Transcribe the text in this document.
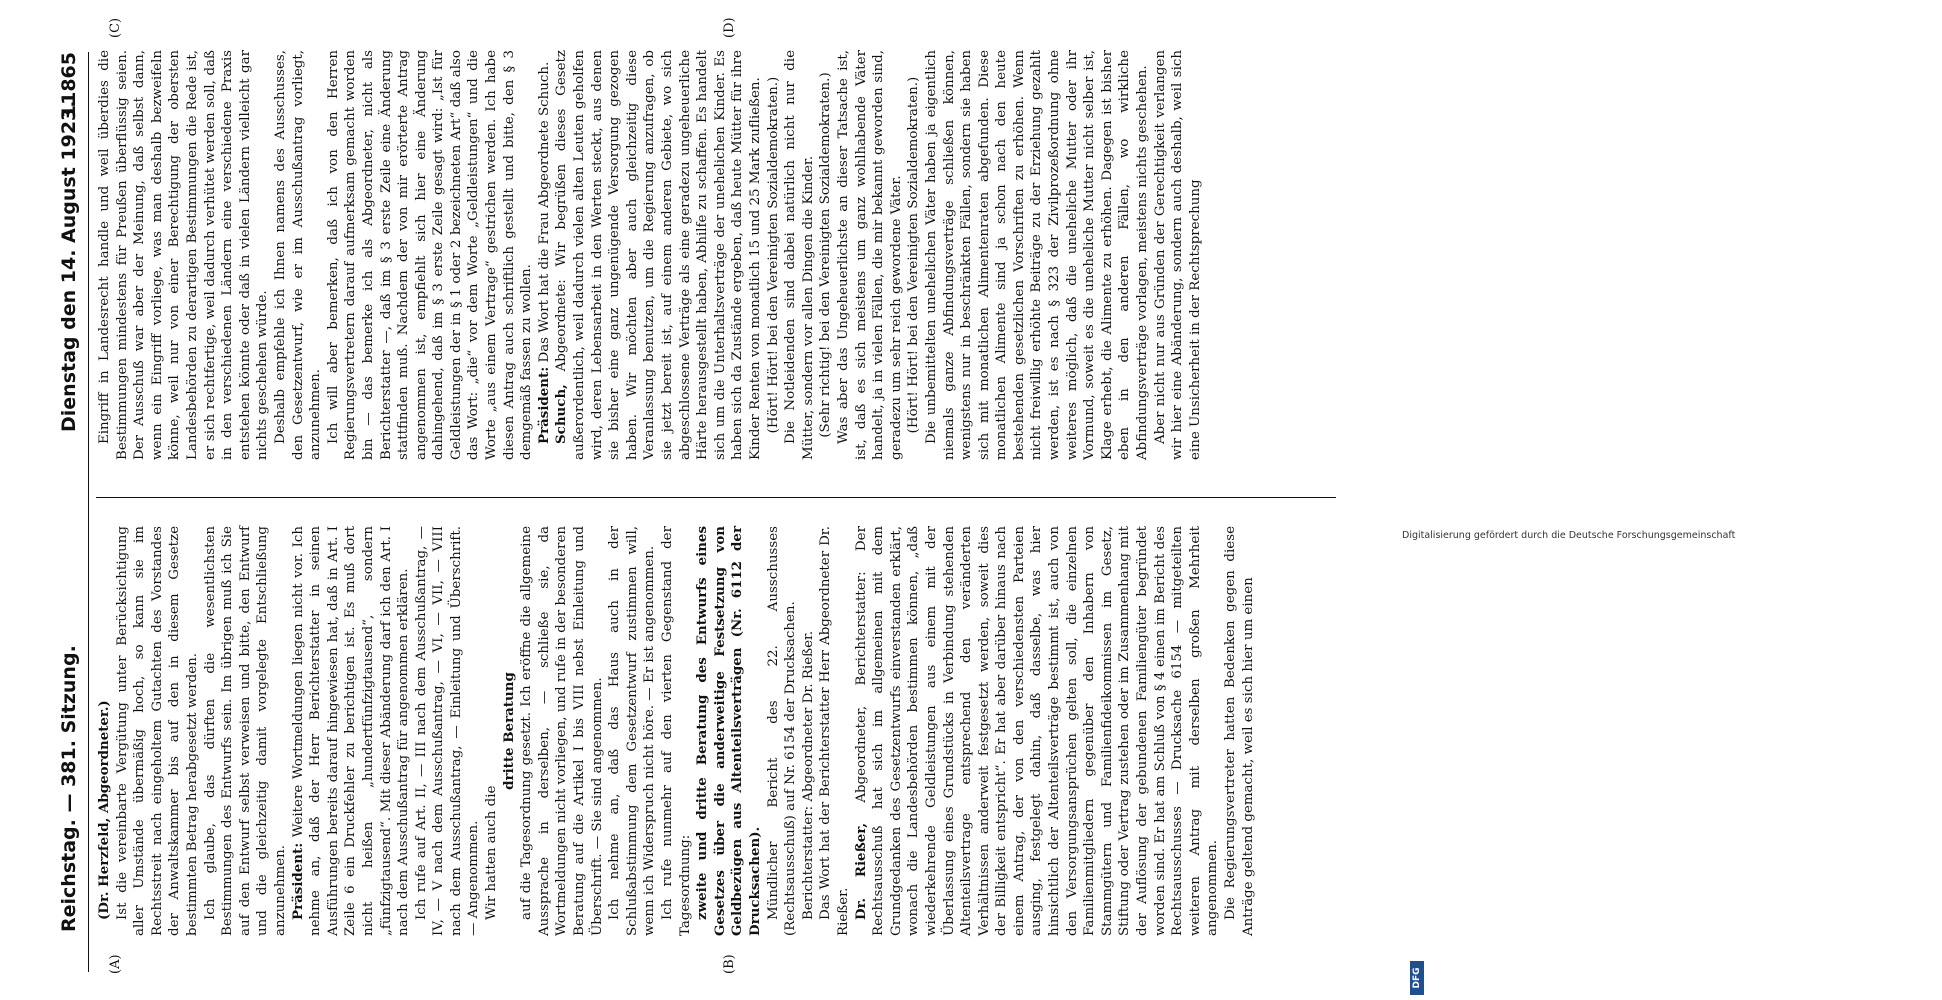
Reichstag. — 381. Sitzung.
Dienstag den 14. August 1923.
11865
(A)	(B)
(C)	(D)

(Dr. Herzfeld, Abgeordneter.) Ist die vereinbarte Vergütung unter Berücksichtigung aller Umstände übermäßig hoch, so kann sie im Rechtsstreit nach eingeholtem Gutachten des Vorstandes der Anwaltskammer bis auf den in diesem Gesetze bestimmten Betrag herabgesetzt werden. Ich glaube, das dürften die wesentlichsten Bestimmungen des Entwurfs sein. Im übrigen muß ich Sie auf den Entwurf selbst verweisen und bitte, den Entwurf und die gleichzeitig damit vorgelegte Entschließung anzunehmen. Präsident: Weitere Wortmeldungen liegen nicht vor. Ich nehme an, daß der Herr Berichterstatter in seinen Ausführungen bereits darauf hingewiesen hat, daß in Art. I Zeile 6 ein Druckfehler zu berichtigen ist. Es muß dort nicht heißen „hundertfünfzigtausend“, sondern „fünfzigtausend“. Mit dieser Abänderung darf ich den Art. I nach dem Ausschußantrag für angenommen erklären. Ich rufe auf Art. II, — III nach dem Ausschußantrag, — IV, — V nach dem Ausschußantrag, — VI, — VII, — VIII nach dem Ausschußantrag, — Einleitung und Überschrift. — Angenommen. Wir hatten auch die

dritte Beratung auf die Tagesordnung gesetzt. Ich eröffne die allgemeine Aussprache in derselben, — schließe sie, da Wortmeldungen nicht vorliegen, und rufe in der besonderen Beratung auf die Artikel I bis VIII nebst Einleitung und Überschrift. — Sie sind angenommen. Ich nehme an, daß das Haus auch in der Schlußabstimmung dem Gesetzentwurf zustimmen will, wenn ich Widerspruch nicht höre. — Er ist angenommen. Ich rufe nunmehr auf den vierten Gegenstand der Tagesordnung: zweite und dritte Beratung des Entwurfs eines Gesetzes über die anderweitige Festsetzung von Geldbezügen aus Altenteilsverträgen (Nr. 6112 der Drucksachen). Mündlicher Bericht des 22. Ausschusses (Rechtsausschuß) auf Nr. 6154 der Drucksachen. Berichterstatter: Abgeordneter Dr. Rießer. Das Wort hat der Berichterstatter Herr Abgeordneter Dr. Rießer. Dr. Rießer, Abgeordneter, Berichterstatter: Der Rechtsausschuß hat sich im allgemeinen mit dem Grundgedanken des Gesetzentwurfs einverstanden erklärt, wonach die Landesbehörden bestimmen können, „daß wiederkehrende Geldleistungen aus einem mit der Überlassung eines Grundstücks in Verbindung stehenden Altenteilsvertrage entsprechend den veränderten Verhältnissen anderweit festgesetzt werden, soweit dies der Billigkeit entspricht“. Er hat aber darüber hinaus nach einem Antrag, der von den verschiedensten Parteien ausging, festgelegt dahin, daß dasselbe, was hier hinsichtlich der Altenteilsverträge bestimmt ist, auch von den Versorgungsansprüchen gelten soll, die einzelnen Familienmitgliedern gegenüber den Inhabern von Stammgütern und Familienfideikommissen im Gesetz, Stiftung oder Vertrag zustehen oder im Zusammenhang mit der Auflösung der gebundenen Familiengüter begründet worden sind. Er hat am Schluß von § 4 einen im Bericht des Rechtsausschusses — Drucksache 6154 — mitgeteilten weiteren Antrag mit derselben großen Mehrheit angenommen. Die Regierungsvertreter hatten Bedenken gegen diese Anträge geltend gemacht, weil es sich hier um einen

Eingriff in Landesrecht handle und weil überdies die Bestimmungen mindestens für Preußen überflüssig seien. Der Ausschuß war aber der Meinung, daß selbst dann, wenn ein Eingriff vorliege, was man deshalb bezweifeln könne, weil nur von einer Berechtigung der obersten Landesbehörden zu derartigen Bestimmungen die Rede ist, er sich rechtfertige, weil dadurch verhütet werden soll, daß in den verschiedenen Ländern eine verschiedene Praxis entstehen könnte oder daß in vielen Ländern vielleicht gar nichts geschehen würde. Deshalb empfehle ich Ihnen namens des Ausschusses, den Gesetzentwurf, wie er im Ausschußantrag vorliegt, anzunehmen. Ich will aber bemerken, daß ich von den Herren Regierungsvertretern darauf aufmerksam gemacht worden bin — das bemerke ich als Abgeordneter, nicht als Berichterstatter —, daß im § 3 erste Zeile eine Änderung stattfinden muß. Nachdem der von mir erörterte Antrag angenommen ist, empfiehlt sich hier eine Änderung dahingehend, daß im § 3 erste Zeile gesagt wird: „Ist für Geldleistungen der in § 1 oder 2 bezeichneten Art“ daß also das Wort: „die“ vor dem Worte „Geldleistungen“ und die Worte „aus einem Vertrage“ gestrichen werden. Ich habe diesen Antrag auch schriftlich gestellt und bitte, den § 3 demgemäß fassen zu wollen. Präsident: Das Wort hat die Frau Abgeordnete Schuch.

Schuch, Abgeordnete: Wir begrüßen dieses Gesetz außerordentlich, weil dadurch vielen alten Leuten geholfen wird, deren Lebensarbeit in den Werten steckt, aus denen sie bisher eine ganz ungenügende Versorgung gezogen haben. Wir möchten aber auch gleichzeitig diese Veranlassung benutzen, um die Regierung anzufragen, ob sie jetzt bereit ist, auf einem anderen Gebiete, wo sich abgeschlossene Verträge als eine geradezu ungeheuerliche Härte herausgestellt haben, Abhilfe zu schaffen. Es handelt sich um die Unterhaltsverträge der unehelichen Kinder. Es haben sich da Zustände ergeben, daß heute Mütter für ihre Kinder Renten von monatlich 15 und 25 Mark zufließen. (Hört! Hört! bei den Vereinigten Sozialdemokraten.) Die Notleidenden sind dabei natürlich nicht nur die Mütter, sondern vor allen Dingen die Kinder. (Sehr richtig! bei den Vereinigten Sozialdemokraten.) Was aber das Ungeheuerlichste an dieser Tatsache ist, ist, daß es sich meistens um ganz wohlhabende Väter handelt, ja in vielen Fällen, die mir bekannt geworden sind, geradezu um sehr reich gewordene Väter. (Hört! Hört! bei den Vereinigten Sozialdemokraten.) Die unbemittelten unehelichen Väter haben ja eigentlich niemals ganze Abfindungsverträge schließen können, wenigstens nur in beschränkten Fällen, sondern sie haben sich mit monatlichen Alimentenraten abgefunden. Diese monatlichen Alimente sind ja schon nach den heute bestehenden gesetzlichen Vorschriften zu erhöhen. Wenn nicht freiwillig erhöhte Beiträge zu der Erziehung gezahlt werden, ist es nach § 323 der Zivilprozeßordnung ohne weiteres möglich, daß die uneheliche Mutter oder ihr Vormund, soweit es die uneheliche Mutter nicht selber ist, Klage erhebt, die Alimente zu erhöhen. Dagegen ist bisher eben in den anderen Fällen, wo wirkliche Abfindungsverträge vorlagen, meistens nichts geschehen. Aber nicht nur aus Gründen der Gerechtigkeit verlangen wir hier eine Abänderung, sondern auch deshalb, weil sich eine Unsicherheit in der Rechtsprechung

Digitalisierung gefördert durch die Deutsche Forschungsgemeinschaft
DFG
